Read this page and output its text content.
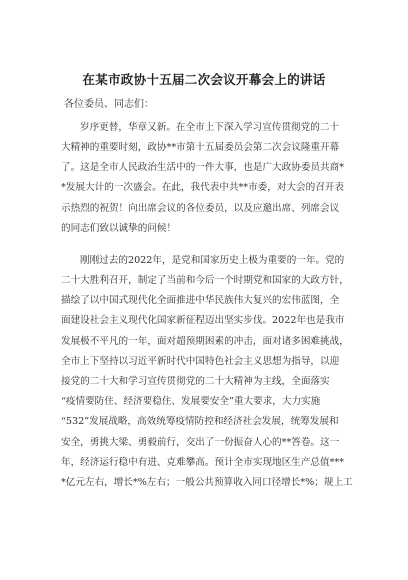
在某市政协十五届二次会议开幕会上的讲话
各位委员、同志们：
岁序更替，华章又新。在全市上下深入学习宣传贯彻党的二十
大精神的重要时刻，政协**市第十五届委员会第二次会议隆重开幕
了。这是全市人民政治生活中的一件大事，也是广大政协委员共商*
*发展大计的一次盛会。在此，我代表中共**市委，对大会的召开表
示热烈的祝贺！向出席会议的各位委员，以及应邀出席、列席会议
的同志们致以诚挚的问候！
刚刚过去的2022年，是党和国家历史上极为重要的一年。党的
二十大胜利召开，制定了当前和今后一个时期党和国家的大政方针，
描绘了以中国式现代化全面推进中华民族伟大复兴的宏伟蓝图，全
面建设社会主义现代化国家新征程迈出坚实步伐。2022年也是我市
发展极不平凡的一年，面对超预期困素的冲击，面对诸多困难挑战，
全市上下坚持以习近平新时代中国特色社会主义思想为指导，以迎
接党的二十大和学习宣传贯彻党的二十大精神为主线，全面落实
“疫情要防住、经济要稳住、发展要安全”重大要求，大力实施
“532”发展战略，高效统筹疫情防控和经济社会发展，统筹发展和
安全，勇挑大梁、勇毅前行，交出了一份振奋人心的**答卷。这一
年，经济运行稳中有进、克难攀高。预计全市实现地区生产总值***
*亿元左右，增长*%左右；一般公共预算收入同口径增长*%；规上工
